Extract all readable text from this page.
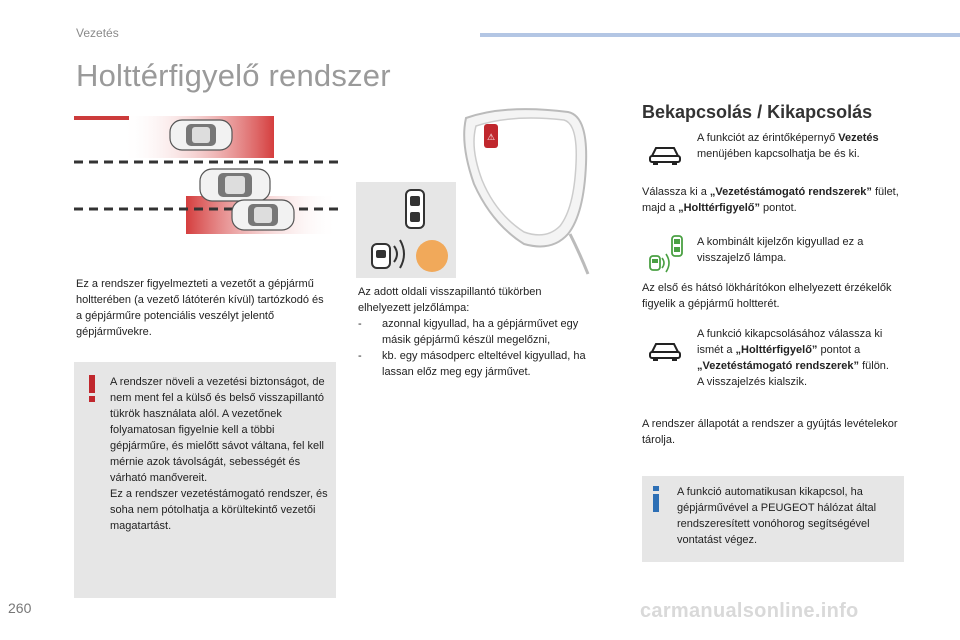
Vezetés
Holttérfigyelő rendszer
⚠
Ez a rendszer figyelmezteti a vezetőt a gépjármű holtterében (a vezető látóterén kívül) tartózkodó és a gépjárműre potenciális veszélyt jelentő gépjárművekre.
A rendszer növeli a vezetési biztonságot, de nem ment fel a külső és belső visszapillantó tükrök használata alól. A vezetőnek folyamatosan figyelnie kell a többi gépjárműre, és mielőtt sávot váltana, fel kell mérnie azok távolságát, sebességét és várható manővereit.
Ez a rendszer vezetéstámogató rendszer, és soha nem pótolhatja a körültekintő vezetői magatartást.
Az adott oldali visszapillantó tükörben elhelyezett jelzőlámpa:
-	azonnal kigyullad, ha a gépjárművet egy másik gépjármű készül megelőzni,
-	kb. egy másodperc elteltével kigyullad, ha lassan előz meg egy járművet.
Bekapcsolás / Kikapcsolás
A funkciót az érintőképernyő Vezetés menüjében kapcsolhatja be és ki.
Válassza ki a „Vezetéstámogató rendszerek” fület, majd a „Holttérfigyelő” pontot.
A kombinált kijelzőn kigyullad ez a visszajelző lámpa.
Az első és hátsó lökhárítókon elhelyezett érzékelők figyelik a gépjármű holtterét.
A funkció kikapcsolásához válassza ki ismét a „Holttérfigyelő” pontot a „Vezetéstámogató rendszerek” fülön.
A visszajelzés kialszik.
A rendszer állapotát a rendszer a gyújtás levételekor tárolja.
A funkció automatikusan kikapcsol, ha gépjárművével a PEUGEOT hálózat által rendszeresített vonóhorog segítségével vontatást végez.
260	carmanualsonline.info
